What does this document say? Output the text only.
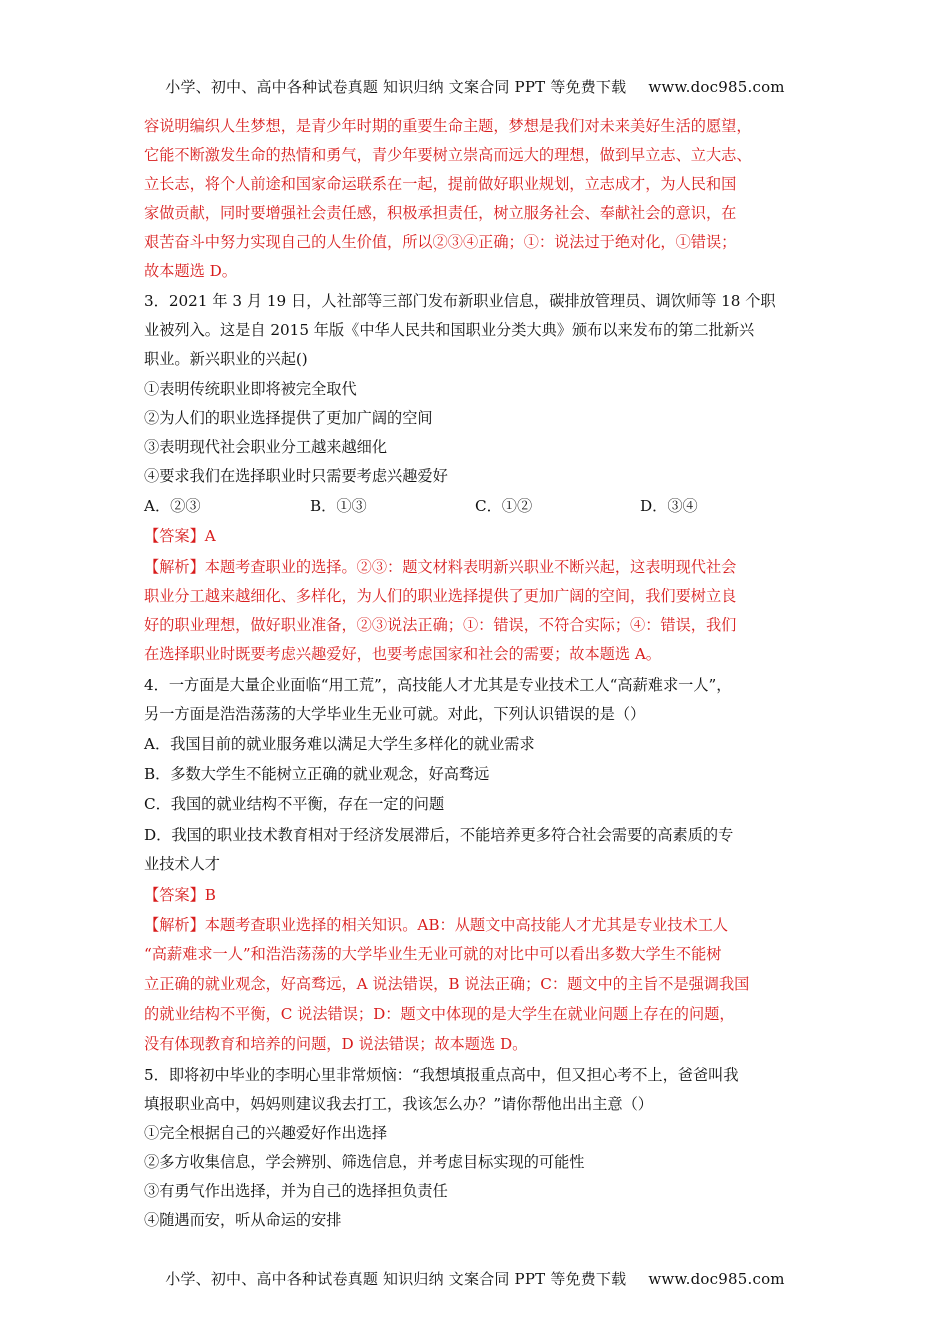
小学、初中、高中各种试卷真题 知识归纳 文案合同 PPT 等免费下载 www.doc985.com
容说明编织人生梦想，是青少年时期的重要生命主题，梦想是我们对未来美好生活的愿望，
它能不断激发生命的热情和勇气，青少年要树立崇高而远大的理想，做到早立志、立大志、
立长志，将个人前途和国家命运联系在一起，提前做好职业规划，立志成才，为人民和国
家做贡献，同时要增强社会责任感，积极承担责任，树立服务社会、奉献社会的意识，在
艰苦奋斗中努力实现自己的人生价值，所以②③④正确；①：说法过于绝对化，①错误；
故本题选 D。
3．2021 年 3 月 19 日，人社部等三部门发布新职业信息，碳排放管理员、调饮师等 18 个职
业被列入。这是自 2015 年版《中华人民共和国职业分类大典》颁布以来发布的第二批新兴
职业。新兴职业的兴起()
①表明传统职业即将被完全取代
②为人们的职业选择提供了更加广阔的空间
③表明现代社会职业分工越来越细化
④要求我们在选择职业时只需要考虑兴趣爱好
A．②③	B．①③	C．①②	D．③④
【答案】A
【解析】本题考查职业的选择。②③：题文材料表明新兴职业不断兴起，这表明现代社会
职业分工越来越细化、多样化，为人们的职业选择提供了更加广阔的空间，我们要树立良
好的职业理想，做好职业准备，②③说法正确；①：错误，不符合实际；④：错误，我们
在选择职业时既要考虑兴趣爱好，也要考虑国家和社会的需要；故本题选 A。
4．一方面是大量企业面临“用工荒”，高技能人才尤其是专业技术工人“高薪难求一人”，
另一方面是浩浩荡荡的大学毕业生无业可就。对此，下列认识错误的是（）
A．我国目前的就业服务难以满足大学生多样化的就业需求
B．多数大学生不能树立正确的就业观念，好高骛远
C．我国的就业结构不平衡，存在一定的问题
D．我国的职业技术教育相对于经济发展滞后，不能培养更多符合社会需要的高素质的专
业技术人才
【答案】B
【解析】本题考查职业选择的相关知识。AB：从题文中高技能人才尤其是专业技术工人
“高薪难求一人”和浩浩荡荡的大学毕业生无业可就的对比中可以看出多数大学生不能树
立正确的就业观念，好高骛远，A 说法错误，B 说法正确；C：题文中的主旨不是强调我国
的就业结构不平衡，C 说法错误；D：题文中体现的是大学生在就业问题上存在的问题，
没有体现教育和培养的问题，D 说法错误；故本题选 D。
5．即将初中毕业的李明心里非常烦恼：“我想填报重点高中，但又担心考不上，爸爸叫我
填报职业高中，妈妈则建议我去打工，我该怎么办？”请你帮他出出主意（）
①完全根据自己的兴趣爱好作出选择
②多方收集信息，学会辨别、筛选信息，并考虑目标实现的可能性
③有勇气作出选择，并为自己的选择担负责任
④随遇而安，听从命运的安排
小学、初中、高中各种试卷真题 知识归纳 文案合同 PPT 等免费下载 www.doc985.com
